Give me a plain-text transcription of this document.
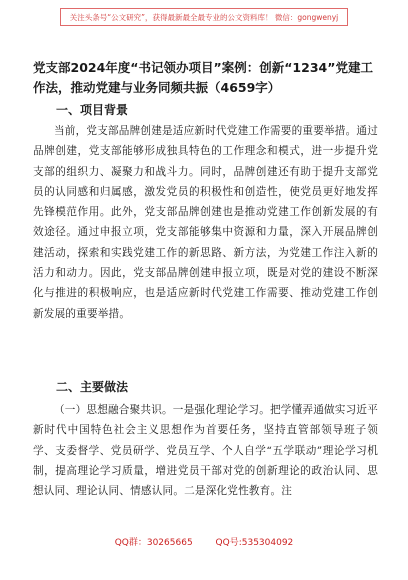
关注头条号“公文研究”，获得最新最全最专业的公文资料库！ 微信：gongwenyj
党支部2024年度“书记领办项目”案例：创新“1234”党建工作法，推动党建与业务同频共振（4659字）
一、项目背景
当前，党支部品牌创建是适应新时代党建工作需要的重要举措。通过品牌创建，党支部能够形成独具特色的工作理念和模式，进一步提升党支部的组织力、凝聚力和战斗力。同时，品牌创建还有助于提升支部党员的认同感和归属感，激发党员的积极性和创造性，使党员更好地发挥先锋模范作用。此外，党支部品牌创建也是推动党建工作创新发展的有效途径。通过申报立项，党支部能够集中资源和力量，深入开展品牌创建活动，探索和实践党建工作的新思路、新方法，为党建工作注入新的活力和动力。因此，党支部品牌创建申报立项，既是对党的建设不断深化与推进的积极响应，也是适应新时代党建工作需要、推动党建工作创新发展的重要举措。
二、主要做法
（一）思想融合聚共识。一是强化理论学习。把学懂弄通做实习近平新时代中国特色社会主义思想作为首要任务，坚持直管部领导班子领学、支委督学、党员研学、党员互学、个人自学“五学联动”理论学习机制，提高理论学习质量，增进党员干部对党的创新理论的政治认同、思想认同、理论认同、情感认同。二是深化党性教育。注
QQ群：30265665	QQ号:535304092
